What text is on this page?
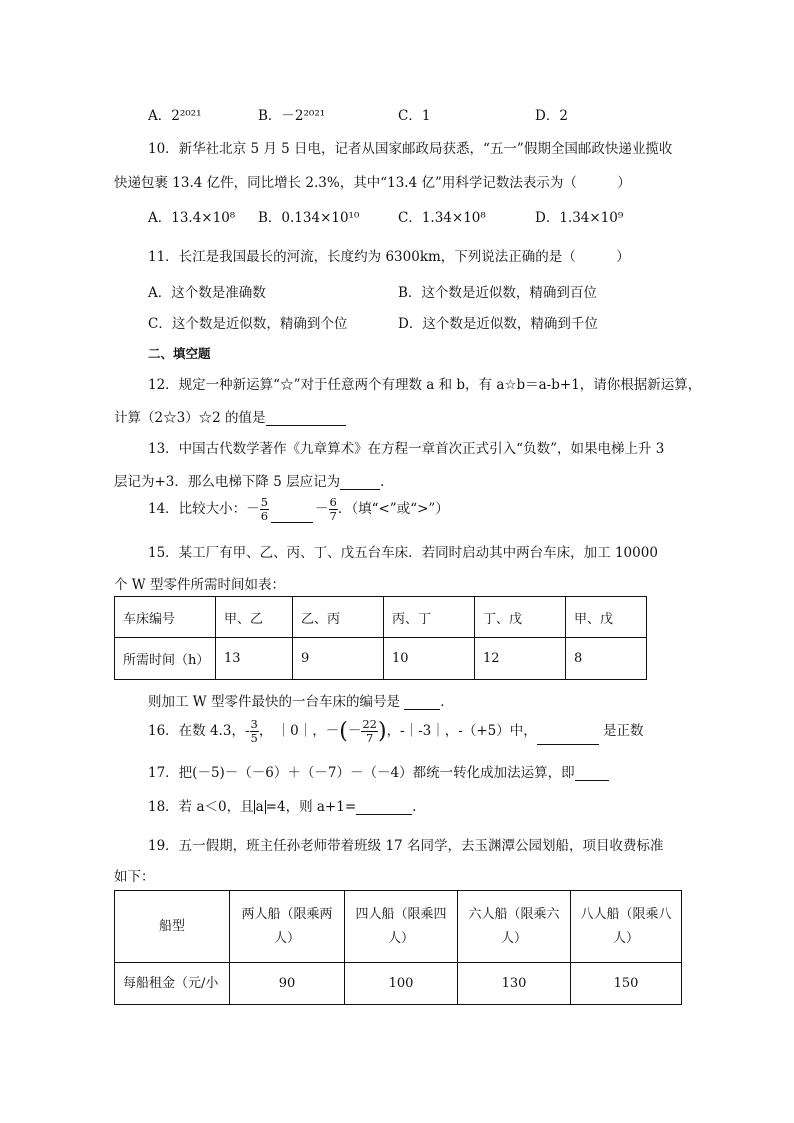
A．2²⁰²¹	B．－2²⁰²¹	C．1	D．2
10．新华社北京 5 月 5 日电，记者从国家邮政局获悉，“五一”假期全国邮政快递业揽收
快递包裹 13.4 亿件，同比增长 2.3%，其中“13.4 亿”用科学记数法表示为（　　　）
A．13.4×10⁸ B．0.134×10¹⁰	C．1.34×10⁸	D．1.34×10⁹
11．长江是我国最长的河流，长度约为 6300km，下列说法正确的是（　　　）
A．这个数是准确数	B．这个数是近似数，精确到百位
C．这个数是近似数，精确到个位	D．这个数是近似数，精确到千位
二、填空题
12．规定一种新运算“☆”对于任意两个有理数 a 和 b，有 a☆b＝a-b+1，请你根据新运算，
计算（2☆3）☆2 的值是
13．中国古代数学著作《九章算术》在方程一章首次正式引入“负数”，如果电梯上升 3
层记为+3．那么电梯下降 5 层应记为	．
14．比较大小：－ $\frac{5}{6}$	－ $\frac{6}{7}$ ．（填“<”或“>”）
15．某工厂有甲、乙、丙、丁、戊五台车床．若同时启动其中两台车床，加工 10000
个 W 型零件所需时间如表：
车床编号	甲、乙	乙、丙	丙、丁	丁、戊	甲、戊
所需时间（h）	13	9	10	12	8
则加工 W 型零件最快的一台车床的编号是	．
16．在数 4.3，- $\frac{3}{5}$ ， ｜0｜，－(－ $\frac{22}{7}$ )，-｜-3｜，-（+5）中，	是正数
17．把(－5)－（－6）＋（－7）－（－4）都统一转化成加法运算，即
18．若 a＜0，且 a =4，则 a+1=	.
19．五一假期，班主任孙老师带着班级 17 名同学，去玉渊潭公园划船，项目收费标准
如下：
船型	两人船（限乘两人）	四人船（限乘四人）	六人船（限乘六人）	八人船（限乘八人）
每船租金（元/小	90	100	130	150
